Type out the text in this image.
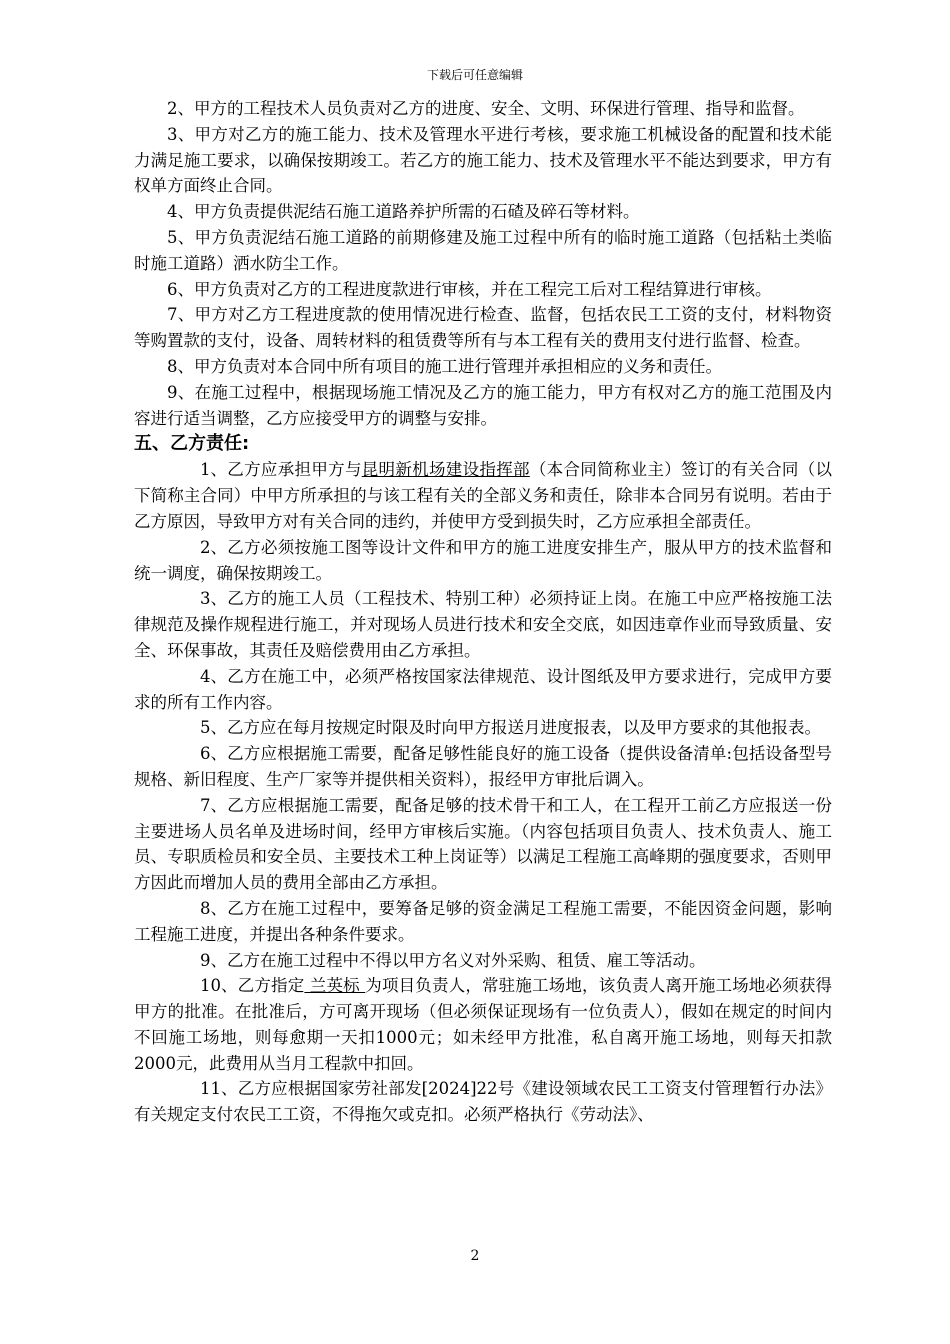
下载后可任意编辑

2、甲方的工程技术人员负责对乙方的进度、安全、文明、环保进行管理、指导和监督。

3、甲方对乙方的施工能力、技术及管理水平进行考核，要求施工机械设备的配置和技术能力满足施工要求，以确保按期竣工。若乙方的施工能力、技术及管理水平不能达到要求，甲方有权单方面终止合同。

4、甲方负责提供泥结石施工道路养护所需的石碴及碎石等材料。

5、甲方负责泥结石施工道路的前期修建及施工过程中所有的临时施工道路（包括粘土类临时施工道路）洒水防尘工作。

6、甲方负责对乙方的工程进度款进行审核，并在工程完工后对工程结算进行审核。

7、甲方对乙方工程进度款的使用情况进行检查、监督，包括农民工工资的支付，材料物资等购置款的支付，设备、周转材料的租赁费等所有与本工程有关的费用支付进行监督、检查。

8、甲方负责对本合同中所有项目的施工进行管理并承担相应的义务和责任。

9、在施工过程中，根据现场施工情况及乙方的施工能力，甲方有权对乙方的施工范围及内容进行适当调整，乙方应接受甲方的调整与安排。

五、乙方责任:

1、乙方应承担甲方与昆明新机场建设指挥部（本合同简称业主）签订的有关合同（以下简称主合同）中甲方所承担的与该工程有关的全部义务和责任，除非本合同另有说明。若由于乙方原因，导致甲方对有关合同的违约，并使甲方受到损失时，乙方应承担全部责任。

2、乙方必须按施工图等设计文件和甲方的施工进度安排生产，服从甲方的技术监督和统一调度，确保按期竣工。

3、乙方的施工人员（工程技术、特别工种）必须持证上岗。在施工中应严格按施工法律规范及操作规程进行施工，并对现场人员进行技术和安全交底，如因违章作业而导致质量、安全、环保事故，其责任及赔偿费用由乙方承担。

4、乙方在施工中，必须严格按国家法律规范、设计图纸及甲方要求进行，完成甲方要求的所有工作内容。

5、乙方应在每月按规定时限及时向甲方报送月进度报表，以及甲方要求的其他报表。

6、乙方应根据施工需要，配备足够性能良好的施工设备（提供设备清单:包括设备型号规格、新旧程度、生产厂家等并提供相关资料），报经甲方审批后调入。

7、乙方应根据施工需要，配备足够的技术骨干和工人，在工程开工前乙方应报送一份主要进场人员名单及进场时间，经甲方审核后实施。（内容包括项目负责人、技术负责人、施工员、专职质检员和安全员、主要技术工种上岗证等）以满足工程施工高峰期的强度要求，否则甲方因此而增加人员的费用全部由乙方承担。

8、乙方在施工过程中，要筹备足够的资金满足工程施工需要，不能因资金问题，影响工程施工进度，并提出各种条件要求。

9、乙方在施工过程中不得以甲方名义对外采购、租赁、雇工等活动。

10、乙方指定 兰英标 为项目负责人，常驻施工场地，该负责人离开施工场地必须获得甲方的批准。在批准后，方可离开现场（但必须保证现场有一位负责人），假如在规定的时间内不回施工场地，则每愈期一天扣1000元；如未经甲方批准，私自离开施工场地，则每天扣款2000元，此费用从当月工程款中扣回。

11、乙方应根据国家劳社部发[2024]22号《建设领域农民工工资支付管理暂行办法》有关规定支付农民工工资，不得拖欠或克扣。必须严格执行《劳动法》、

2
